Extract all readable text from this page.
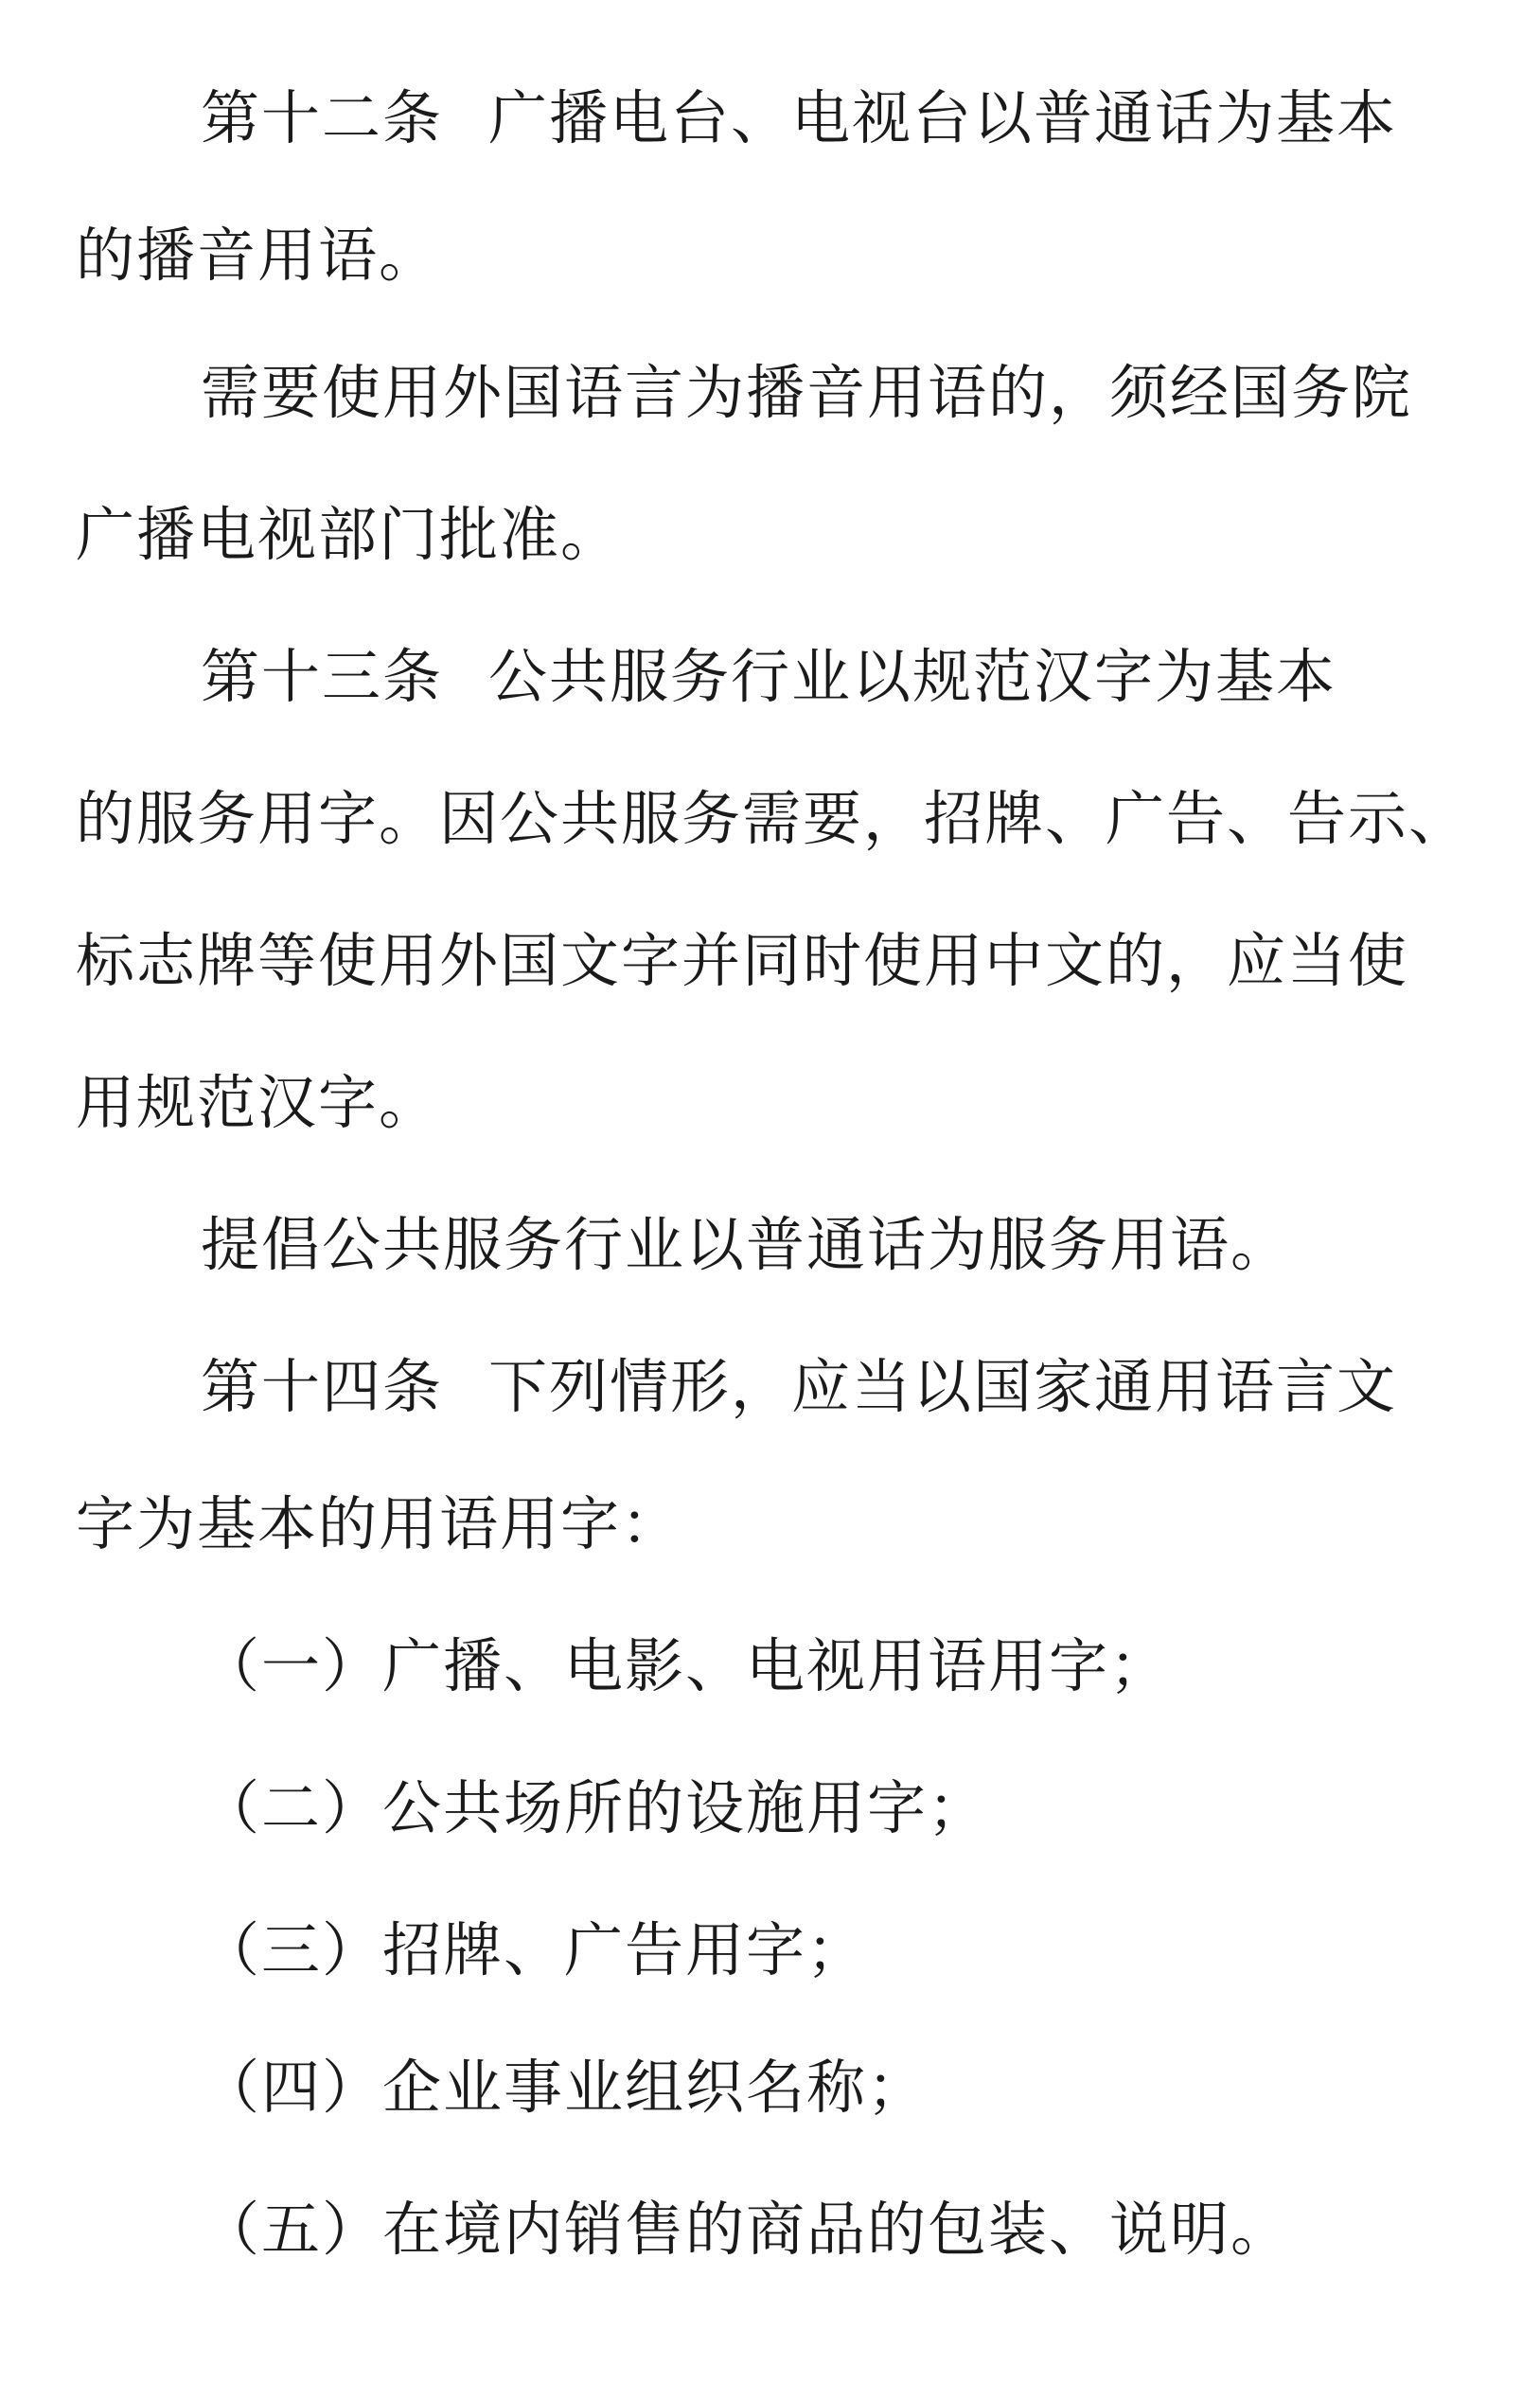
第十二条 广播电台、电视台以普通话为基本
的播音用语。
需要使用外国语言为播音用语的，须经国务院
广播电视部门批准。
第十三条 公共服务行业以规范汉字为基本
的服务用字。因公共服务需要，招牌、广告、告示、
标志牌等使用外国文字并同时使用中文的，应当使
用规范汉字。
提倡公共服务行业以普通话为服务用语。
第十四条 下列情形，应当以国家通用语言文
字为基本的用语用字：
（一）广播、电影、电视用语用字；
（二）公共场所的设施用字；
（三）招牌、广告用字；
（四）企业事业组织名称；
（五）在境内销售的商品的包装、说明。
